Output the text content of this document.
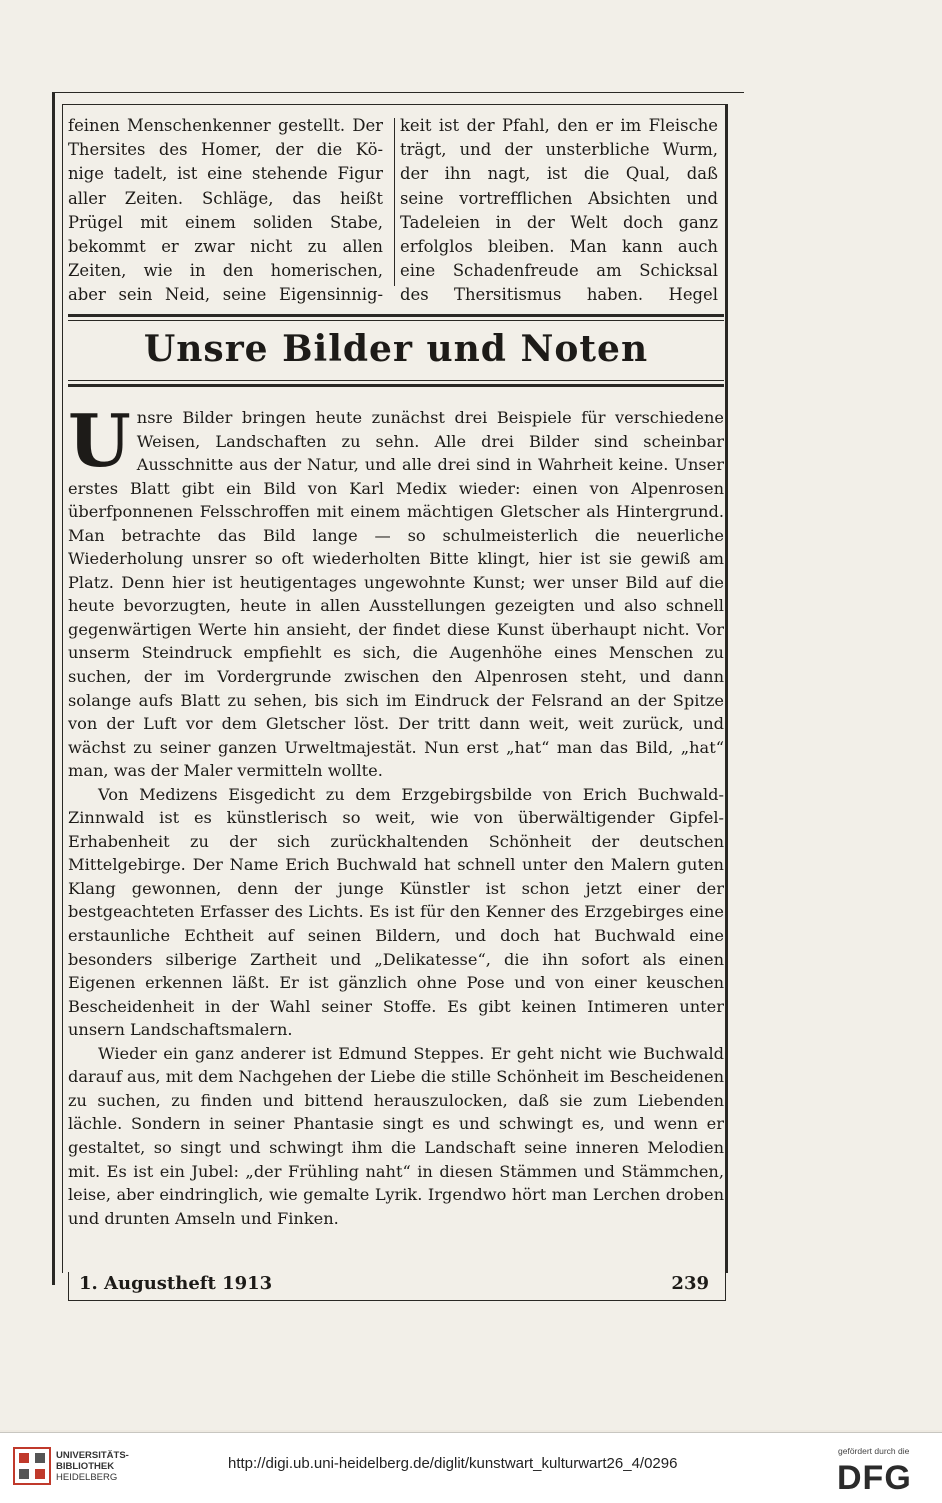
feinen Menschenkenner gestellt. Der
Thersites des Homer, der die Kö-
nige tadelt, ist eine stehende Figur
aller Zeiten. Schläge, das heißt
Prügel mit einem soliden Stabe,
bekommt er zwar nicht zu allen
Zeiten, wie in den homerischen,
aber sein Neid, seine Eigensinnig-
keit ist der Pfahl, den er im Fleische
trägt, und der unsterbliche Wurm,
der ihn nagt, ist die Qual, daß
seine vortrefflichen Absichten und
Tadeleien in der Welt doch ganz
erfolglos bleiben. Man kann auch
eine Schadenfreude am Schicksal
des Thersitismus haben. Hegel
Unsre Bilder und Noten

Unsre Bilder bringen heute zunächst drei Beispiele für verschiedene Weisen, Landschaften zu sehn. Alle drei Bilder sind scheinbar Ausschnitte aus der Natur, und alle drei sind in Wahrheit keine. Unser erstes Blatt gibt ein Bild von Karl Medix wieder: einen von Alpenrosen überfponnenen Felsschroffen mit einem mächtigen Gletscher als Hintergrund. Man betrachte das Bild lange — so schulmeisterlich die neuerliche Wiederholung unsrer so oft wiederholten Bitte klingt, hier ist sie gewiß am Platz. Denn hier ist heutigentages ungewohnte Kunst; wer unser Bild auf die heute bevorzugten, heute in allen Ausstellungen gezeigten und also schnell gegenwärtigen Werte hin ansieht, der findet diese Kunst überhaupt nicht. Vor unserm Steindruck empfiehlt es sich, die Augenhöhe eines Menschen zu suchen, der im Vordergrunde zwischen den Alpenrosen steht, und dann solange aufs Blatt zu sehen, bis sich im Eindruck der Felsrand an der Spitze von der Luft vor dem Gletscher löst. Der tritt dann weit, weit zurück, und wächst zu seiner ganzen Urweltmajestät. Nun erst „hat“ man das Bild, „hat“ man, was der Maler vermitteln wollte.

Von Medizens Eisgedicht zu dem Erzgebirgsbilde von Erich Buchwald-Zinnwald ist es künstlerisch so weit, wie von überwältigender Gipfel-Erhabenheit zu der sich zurückhaltenden Schönheit der deutschen Mittelgebirge. Der Name Erich Buchwald hat schnell unter den Malern guten Klang gewonnen, denn der junge Künstler ist schon jetzt einer der bestgeachteten Erfasser des Lichts. Es ist für den Kenner des Erzgebirges eine erstaunliche Echtheit auf seinen Bildern, und doch hat Buchwald eine besonders silberige Zartheit und „Delikatesse“, die ihn sofort als einen Eigenen erkennen läßt. Er ist gänzlich ohne Pose und von einer keuschen Bescheidenheit in der Wahl seiner Stoffe. Es gibt keinen Intimeren unter unsern Landschaftsmalern.

Wieder ein ganz anderer ist Edmund Steppes. Er geht nicht wie Buchwald darauf aus, mit dem Nachgehen der Liebe die stille Schönheit im Bescheidenen zu suchen, zu finden und bittend herauszulocken, daß sie zum Liebenden lächle. Sondern in seiner Phantasie singt es und schwingt es, und wenn er gestaltet, so singt und schwingt ihm die Landschaft seine inneren Melodien mit. Es ist ein Jubel: „der Frühling naht“ in diesen Stämmen und Stämmchen, leise, aber eindringlich, wie gemalte Lyrik. Irgendwo hört man Lerchen droben und drunten Amseln und Finken.

1. Augustheft 1913	239
UNIVERSITÄTS-
BIBLIOTHEK
HEIDELBERG
http://digi.ub.uni-heidelberg.de/diglit/kunstwart_kulturwart26_4/0296
gefördert durch die
DFG
